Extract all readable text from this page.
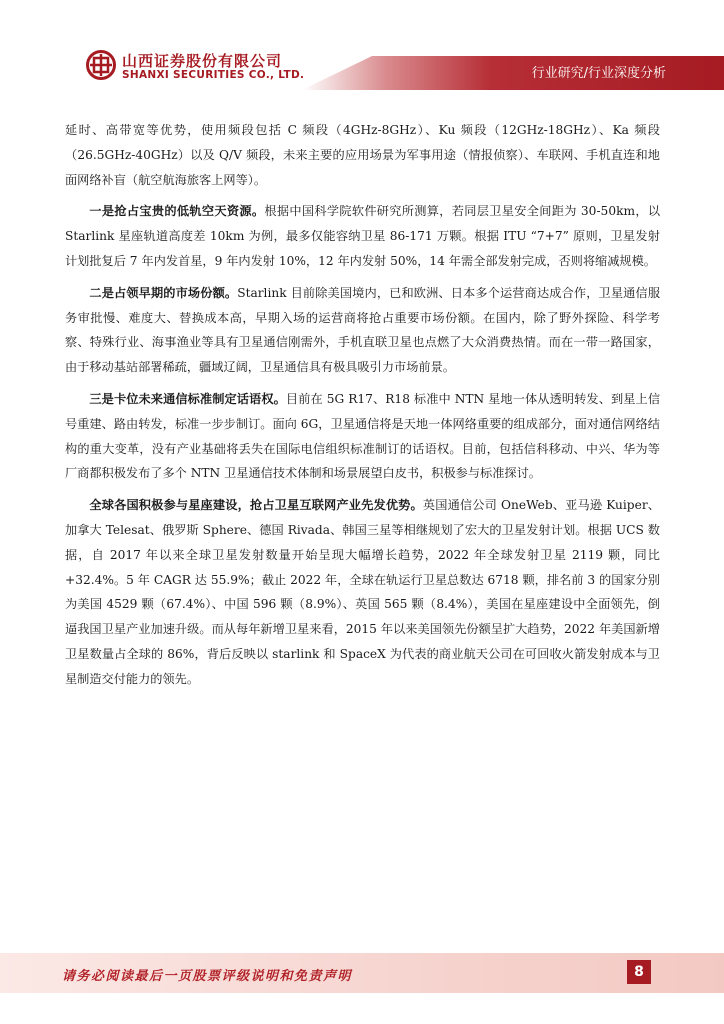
山西证券股份有限公司
SHANXI SECURITIES CO., LTD.	行业研究/行业深度分析

延时、高带宽等优势，使用频段包括 C 频段（4GHz-8GHz）、Ku 频段（12GHz-18GHz）、Ka 频段（26.5GHz-40GHz）以及 Q/V 频段，未来主要的应用场景为军事用途（情报侦察）、车联网、手机直连和地面网络补盲（航空航海旅客上网等）。

一是抢占宝贵的低轨空天资源。根据中国科学院软件研究所测算，若同层卫星安全间距为 30-50km，以 Starlink 星座轨道高度差 10km 为例，最多仅能容纳卫星 86-171 万颗。根据 ITU “7+7” 原则，卫星发射计划批复后 7 年内发首星，9 年内发射 10%，12 年内发射 50%，14 年需全部发射完成，否则将缩减规模。

二是占领早期的市场份额。Starlink 目前除美国境内，已和欧洲、日本多个运营商达成合作，卫星通信服务审批慢、难度大、替换成本高，早期入场的运营商将抢占重要市场份额。在国内，除了野外探险、科学考察、特殊行业、海事渔业等具有卫星通信刚需外，手机直联卫星也点燃了大众消费热情。而在一带一路国家，由于移动基站部署稀疏，疆域辽阔，卫星通信具有极具吸引力市场前景。

三是卡位未来通信标准制定话语权。目前在 5G R17、R18 标准中 NTN 星地一体从透明转发、到星上信号重建、路由转发，标准一步步制订。面向 6G，卫星通信将是天地一体网络重要的组成部分，面对通信网络结构的重大变革，没有产业基础将丢失在国际电信组织标准制订的话语权。目前，包括信科移动、中兴、华为等厂商都积极发布了多个 NTN 卫星通信技术体制和场景展望白皮书，积极参与标准探讨。

全球各国积极参与星座建设，抢占卫星互联网产业先发优势。英国通信公司 OneWeb、亚马逊 Kuiper、加拿大 Telesat、俄罗斯 Sphere、德国 Rivada、韩国三星等相继规划了宏大的卫星发射计划。根据 UCS 数据，自 2017 年以来全球卫星发射数量开始呈现大幅增长趋势，2022 年全球发射卫星 2119 颗，同比+32.4%。5 年 CAGR 达 55.9%；截止 2022 年，全球在轨运行卫星总数达 6718 颗，排名前 3 的国家分别为美国 4529 颗（67.4%）、中国 596 颗（8.9%）、英国 565 颗（8.4%），美国在星座建设中全面领先，倒逼我国卫星产业加速升级。而从每年新增卫星来看，2015 年以来美国领先份额呈扩大趋势，2022 年美国新增卫星数量占全球的 86%，背后反映以 starlink 和 SpaceX 为代表的商业航天公司在可回收火箭发射成本与卫星制造交付能力的领先。

请务必阅读最后一页股票评级说明和免责声明	8
